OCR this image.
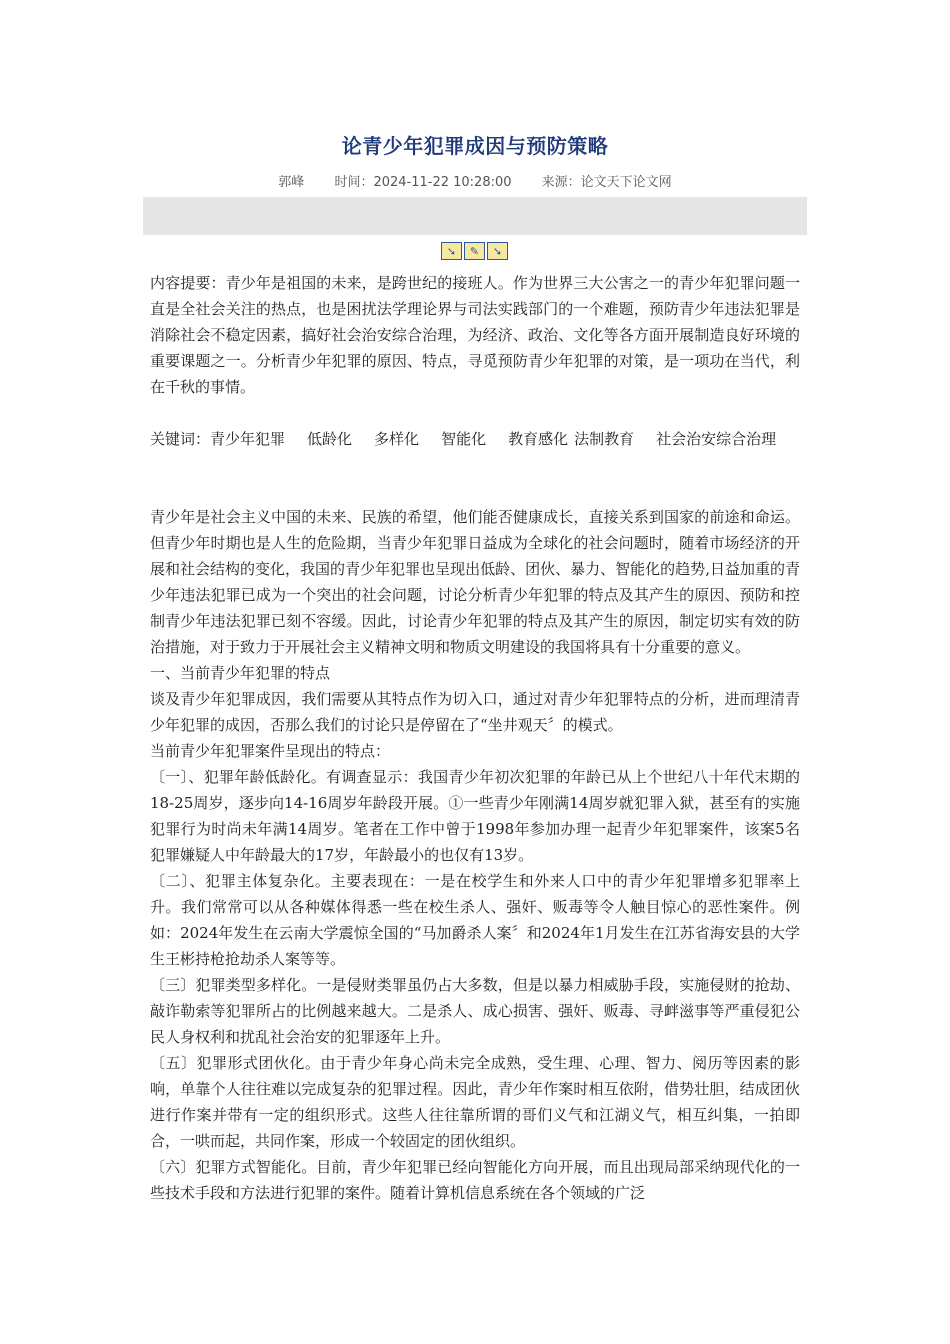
论青少年犯罪成因与预防策略
郭峰 时间：2024-11-22 10:28:00 来源：论文天下论文网
➘	✎	➘

内容提要：青少年是祖国的未来，是跨世纪的接班人。作为世界三大公害之一的青少年犯罪问题一直是全社会关注的热点，也是困扰法学理论界与司法实践部门的一个难题，预防青少年违法犯罪是消除社会不稳定因素，搞好社会治安综合治理，为经济、政治、文化等各方面开展制造良好环境的重要课题之一。分析青少年犯罪的原因、特点，寻觅预防青少年犯罪的对策，是一项功在当代，利在千秋的事情。

关键词：青少年犯罪 低龄化 多样化 智能化 教育感化 法制教育 社会治安综合治理

青少年是社会主义中国的未来、民族的希望，他们能否健康成长，直接关系到国家的前途和命运。但青少年时期也是人生的危险期，当青少年犯罪日益成为全球化的社会问题时，随着市场经济的开展和社会结构的变化，我国的青少年犯罪也呈现出低龄、团伙、暴力、智能化的趋势,日益加重的青少年违法犯罪已成为一个突出的社会问题，讨论分析青少年犯罪的特点及其产生的原因、预防和控制青少年违法犯罪已刻不容缓。因此，讨论青少年犯罪的特点及其产生的原因，制定切实有效的防治措施，对于致力于开展社会主义精神文明和物质文明建设的我国将具有十分重要的意义。

一、当前青少年犯罪的特点

谈及青少年犯罪成因，我们需要从其特点作为切入口，通过对青少年犯罪特点的分析，进而理清青少年犯罪的成因，否那么我们的讨论只是停留在了“坐井观天〞的模式。

当前青少年犯罪案件呈现出的特点：

〔一〕、犯罪年龄低龄化。有调查显示：我国青少年初次犯罪的年龄已从上个世纪八十年代末期的18-25周岁，逐步向14-16周岁年龄段开展。①一些青少年刚满14周岁就犯罪入狱，甚至有的实施犯罪行为时尚未年满14周岁。笔者在工作中曾于1998年参加办理一起青少年犯罪案件，该案5名犯罪嫌疑人中年龄最大的17岁，年龄最小的也仅有13岁。

〔二〕、犯罪主体复杂化。主要表现在：一是在校学生和外来人口中的青少年犯罪增多犯罪率上升。我们常常可以从各种媒体得悉一些在校生杀人、强奸、贩毒等令人触目惊心的恶性案件。例如：2024年发生在云南大学震惊全国的“马加爵杀人案〞和2024年1月发生在江苏省海安县的大学生王彬持枪抢劫杀人案等等。

〔三〕犯罪类型多样化。一是侵财类罪虽仍占大多数，但是以暴力相威胁手段，实施侵财的抢劫、敲诈勒索等犯罪所占的比例越来越大。二是杀人、成心损害、强奸、贩毒、寻衅滋事等严重侵犯公民人身权利和扰乱社会治安的犯罪逐年上升。

〔五〕犯罪形式团伙化。由于青少年身心尚未完全成熟，受生理、心理、智力、阅历等因素的影响，单靠个人往往难以完成复杂的犯罪过程。因此，青少年作案时相互依附，借势壮胆，结成团伙进行作案并带有一定的组织形式。这些人往往靠所谓的哥们义气和江湖义气，相互纠集，一拍即合，一哄而起，共同作案，形成一个较固定的团伙组织。

〔六〕犯罪方式智能化。目前，青少年犯罪已经向智能化方向开展，而且出现局部采纳现代化的一些技术手段和方法进行犯罪的案件。随着计算机信息系统在各个领域的广泛
